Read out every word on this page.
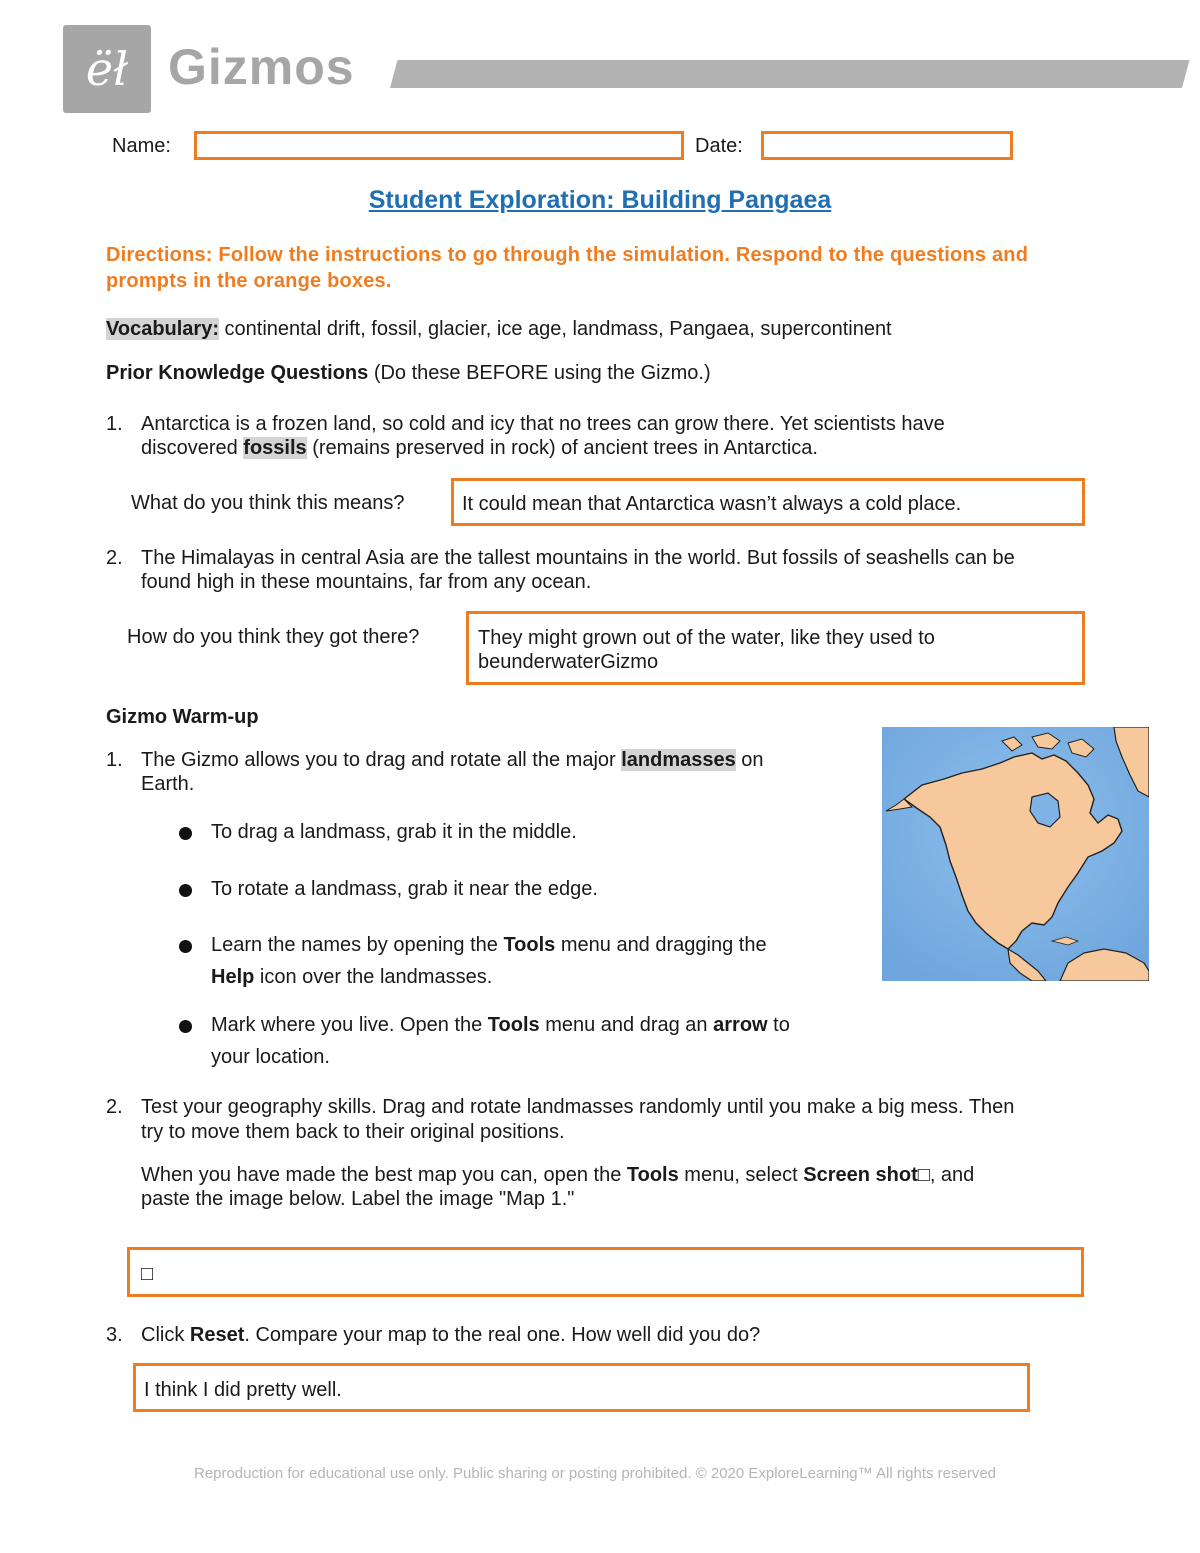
ëł Gizmos
Name:	Date:
Student Exploration: Building Pangaea
Directions: Follow the instructions to go through the simulation. Respond to the questions and prompts in the orange boxes.
Vocabulary: continental drift, fossil, glacier, ice age, landmass, Pangaea, supercontinent
Prior Knowledge Questions (Do these BEFORE using the Gizmo.)
1. Antarctica is a frozen land, so cold and icy that no trees can grow there. Yet scientists have
discovered fossils (remains preserved in rock) of ancient trees in Antarctica.
What do you think this means?	It could mean that Antarctica wasn’t always a cold place.
2. The Himalayas in central Asia are the tallest mountains in the world. But fossils of seashells can be
found high in these mountains, far from any ocean.
How do you think they got there?	They might grown out of the water, like they used to
beunderwaterGizmo
Gizmo Warm-up
1. The Gizmo allows you to drag and rotate all the major landmasses on
Earth.
To drag a landmass, grab it in the middle.
To rotate a landmass, grab it near the edge.
Learn the names by opening the Tools menu and dragging the
Help icon over the landmasses.
Mark where you live. Open the Tools menu and drag an arrow to
your location.
2. Test your geography skills. Drag and rotate landmasses randomly until you make a big mess. Then
try to move them back to their original positions.
When you have made the best map you can, open the Tools menu, select Screen shot□, and
paste the image below. Label the image "Map 1."
□
3. Click Reset. Compare your map to the real one. How well did you do?
I think I did pretty well.
Reproduction for educational use only. Public sharing or posting prohibited. © 2020 ExploreLearning™ All rights reserved
